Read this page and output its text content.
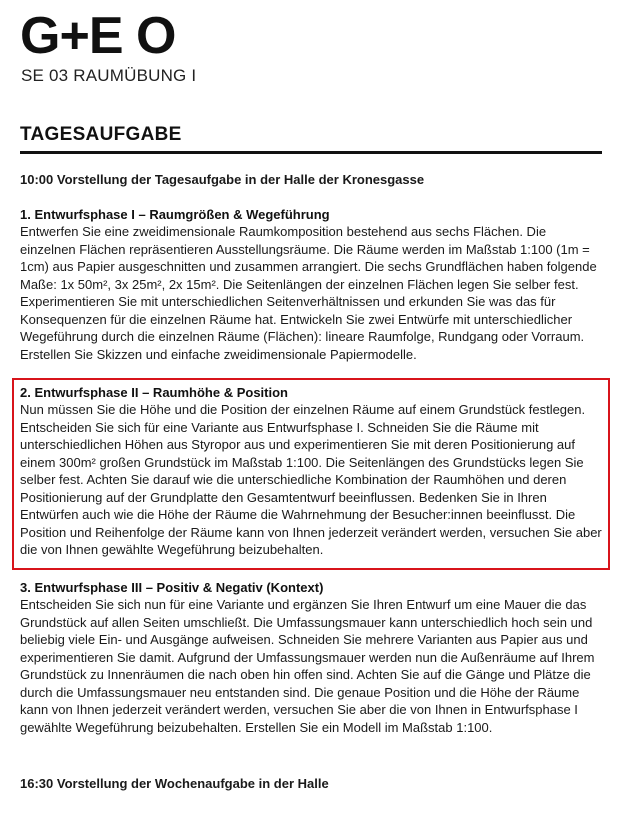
G+E O
SE 03 RAUMÜBUNG I
TAGESAUFGABE

10:00 Vorstellung der Tagesaufgabe in der Halle der Kronesgasse

1. Entwurfsphase I – Raumgrößen & Wegeführung

Entwerfen Sie eine zweidimensionale Raumkomposition bestehend aus sechs Flächen. Die einzelnen Flächen repräsentieren Ausstellungsräume. Die Räume werden im Maßstab 1:100 (1m = 1cm) aus Papier ausgeschnitten und zusammen arrangiert. Die sechs Grundflächen haben folgende Maße: 1x 50m², 3x 25m², 2x 15m². Die Seitenlängen der einzelnen Flächen legen Sie selber fest. Experimentieren Sie mit unterschiedlichen Seitenverhältnissen und erkunden Sie was das für Konsequenzen für die einzelnen Räume hat. Entwickeln Sie zwei Entwürfe mit unterschiedlicher Wegeführung durch die einzelnen Räume (Flächen): lineare Raumfolge, Rundgang oder Vorraum. Erstellen Sie Skizzen und einfache zweidimensionale Papiermodelle.

2. Entwurfsphase II – Raumhöhe & Position

Nun müssen Sie die Höhe und die Position der einzelnen Räume auf einem Grundstück festlegen. Entscheiden Sie sich für eine Variante aus Entwurfsphase I. Schneiden Sie die Räume mit unterschiedlichen Höhen aus Styropor aus und experimentieren Sie mit deren Positionierung auf einem 300m² großen Grundstück im Maßstab 1:100. Die Seitenlängen des Grundstücks legen Sie selber fest. Achten Sie darauf wie die unterschiedliche Kombination der Raumhöhen und deren Positionierung auf der Grundplatte den Gesamtentwurf beeinflussen. Bedenken Sie in Ihren Entwürfen auch wie die Höhe der Räume die Wahrnehmung der Besucher:innen beeinflusst. Die Position und Reihenfolge der Räume kann von Ihnen jederzeit verändert werden, versuchen Sie aber die von Ihnen gewählte Wegeführung beizubehalten.

3. Entwurfsphase III – Positiv & Negativ (Kontext)

Entscheiden Sie sich nun für eine Variante und ergänzen Sie Ihren Entwurf um eine Mauer die das Grundstück auf allen Seiten umschließt. Die Umfassungsmauer kann unterschiedlich hoch sein und beliebig viele Ein- und Ausgänge aufweisen. Schneiden Sie mehrere Varianten aus Papier aus und experimentieren Sie damit. Aufgrund der Umfassungsmauer werden nun die Außenräume auf Ihrem Grundstück zu Innenräumen die nach oben hin offen sind. Achten Sie auf die Gänge und Plätze die durch die Umfassungsmauer neu entstanden sind. Die genaue Position und die Höhe der Räume kann von Ihnen jederzeit verändert werden, versuchen Sie aber die von Ihnen in Entwurfsphase I gewählte Wegeführung beizubehalten. Erstellen Sie ein Modell im Maßstab 1:100.

16:30 Vorstellung der Wochenaufgabe in der Halle
